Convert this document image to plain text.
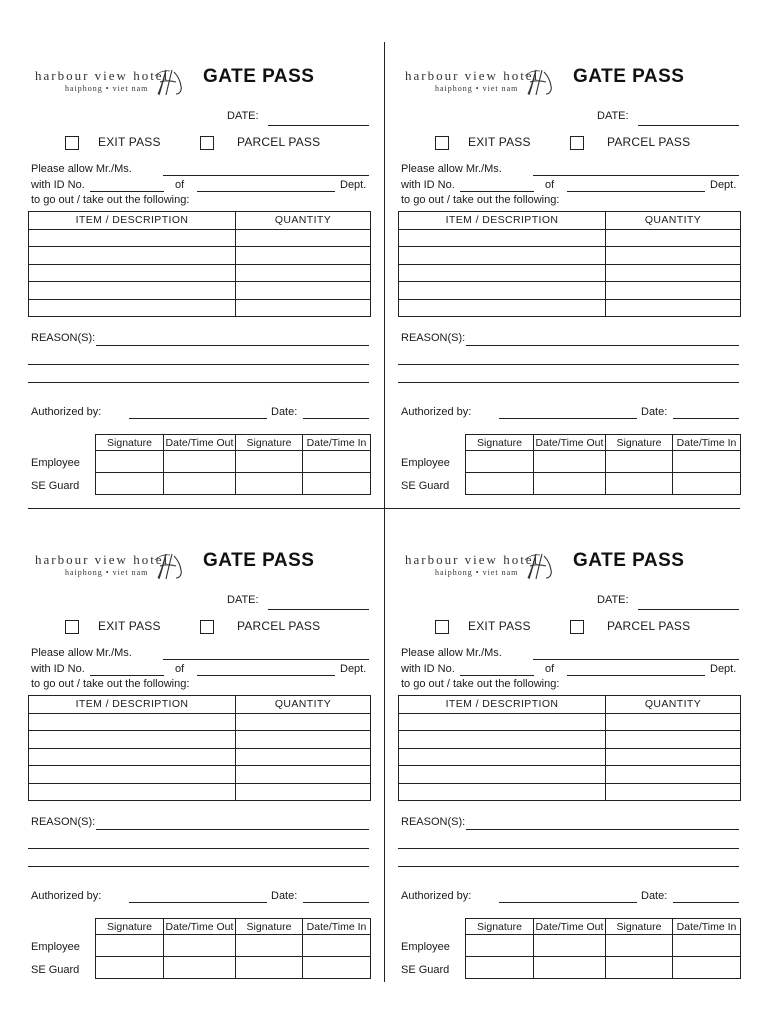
harbour view hotel
haiphong • viet nam
GATE PASS
DATE:
EXIT PASS	PARCEL PASS
Please allow Mr./Ms.
with ID No.	of	Dept.
to go out / take out the following:
ITEM / DESCRIPTION	QUANTITY

REASON(S):
Authorized by:	Date:
Signature	Date/Time Out	Signature	Date/Time In

Employee
SE Guard
harbour view hotel
haiphong • viet nam
GATE PASS
DATE:
EXIT PASS	PARCEL PASS
Please allow Mr./Ms.
with ID No.	of	Dept.
to go out / take out the following:
ITEM / DESCRIPTION	QUANTITY

REASON(S):
Authorized by:	Date:
Signature	Date/Time Out	Signature	Date/Time In

Employee
SE Guard
harbour view hotel
haiphong • viet nam
GATE PASS
DATE:
EXIT PASS	PARCEL PASS
Please allow Mr./Ms.
with ID No.	of	Dept.
to go out / take out the following:
ITEM / DESCRIPTION	QUANTITY

REASON(S):
Authorized by:	Date:
Signature	Date/Time Out	Signature	Date/Time In

Employee
SE Guard
harbour view hotel
haiphong • viet nam
GATE PASS
DATE:
EXIT PASS	PARCEL PASS
Please allow Mr./Ms.
with ID No.	of	Dept.
to go out / take out the following:
ITEM / DESCRIPTION	QUANTITY

REASON(S):
Authorized by:	Date:
Signature	Date/Time Out	Signature	Date/Time In

Employee
SE Guard
